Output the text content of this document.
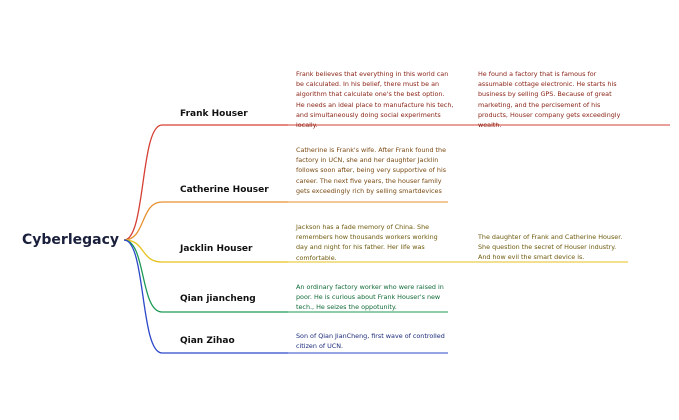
Cyberlegacy
Frank Houser
Frank believes that everything in this world can be calculated. In his belief, there must be an algorithm that calculate one's the best option. He needs an ideal place to manufacture his tech, and simultaneously doing social experiments locally.
He found a factory that is famous for assumable cottage electronic. He starts his business by selling GPS. Because of great marketing, and the percisement of his products, Houser company gets exceedingly wealth.
Catherine Houser
Catherine is Frank's wife. After Frank found the factory in UCN, she and her daughter Jacklin follows soon after, being very supportive of his career. The next five years, the houser family gets exceedingly rich by selling smartdevices
Jacklin Houser
Jackson has a fade memory of China. She remembers how thousands workers working day and night for his father. Her life was comfortable.
The daughter of Frank and Catherine Houser. She question the secret of Houser industry. And how evil the smart device is.
Qian jiancheng
An ordinary factory worker who were raised in poor. He is curious about Frank Houser's new tech., He seizes the oppotunity.
Qian Zihao	Son of Qian JianCheng, first wave of controlled citizen of UCN.
